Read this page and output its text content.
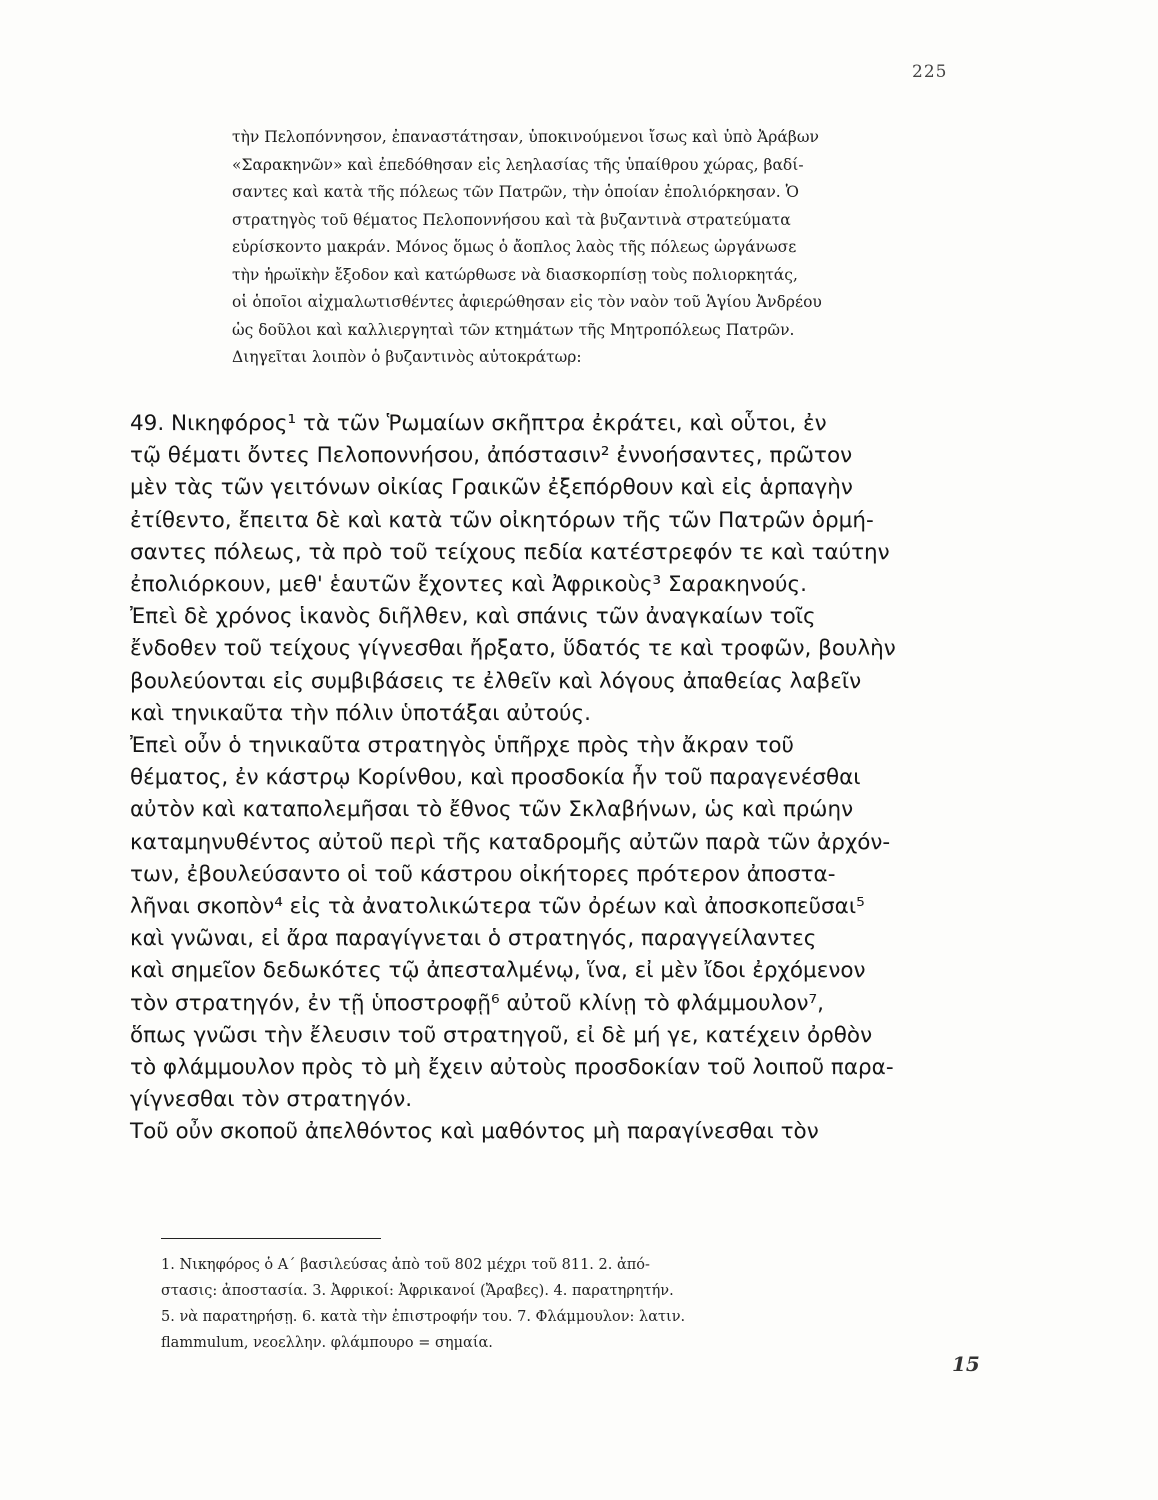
225
τὴν Πελοπόννησον, ἐπαναστάτησαν, ὑποκινούμενοι ἴσως καὶ ὑπὸ Ἀράβων
«Σαρακηνῶν» καὶ ἐπεδόθησαν εἰς λεηλασίας τῆς ὑπαίθρου χώρας, βαδί-
σαντες καὶ κατὰ τῆς πόλεως τῶν Πατρῶν, τὴν ὁποίαν ἐπολιόρκησαν. Ὁ
στρατηγὸς τοῦ θέματος Πελοποννήσου καὶ τὰ βυζαντινὰ στρατεύματα
εὑρίσκοντο μακράν. Μόνος ὅμως ὁ ἄοπλος λαὸς τῆς πόλεως ὠργάνωσε
τὴν ἡρωϊκὴν ἔξοδον καὶ κατώρθωσε νὰ διασκορπίσῃ τοὺς πολιορκητάς,
οἱ ὁποῖοι αἰχμαλωτισθέντες ἀφιερώθησαν εἰς τὸν ναὸν τοῦ Ἁγίου Ἀνδρέου
ὡς δοῦλοι καὶ καλλιεργηταὶ τῶν κτημάτων τῆς Μητροπόλεως Πατρῶν.
Διηγεῖται λοιπὸν ὁ βυζαντινὸς αὐτοκράτωρ:
49. Νικηφόρος¹ τὰ τῶν Ῥωμαίων σκῆπτρα ἐκράτει, καὶ οὗτοι, ἐν
τῷ θέματι ὄντες Πελοποννήσου, ἀπόστασιν² ἐννοήσαντες, πρῶτον
μὲν τὰς τῶν γειτόνων οἰκίας Γραικῶν ἐξεπόρθουν καὶ εἰς ἁρπαγὴν
ἐτίθεντο, ἔπειτα δὲ καὶ κατὰ τῶν οἰκητόρων τῆς τῶν Πατρῶν ὁρμή-
σαντες πόλεως, τὰ πρὸ τοῦ τείχους πεδία κατέστρεφόν τε καὶ ταύτην
ἐπολιόρκουν, μεθ' ἑαυτῶν ἔχοντες καὶ Ἀφρικοὺς³ Σαρακηνούς.
Ἐπεὶ δὲ χρόνος ἱκανὸς διῆλθεν, καὶ σπάνις τῶν ἀναγκαίων τοῖς
ἔνδοθεν τοῦ τείχους γίγνεσθαι ἤρξατο, ὕδατός τε καὶ τροφῶν, βουλὴν
βουλεύονται εἰς συμβιβάσεις τε ἐλθεῖν καὶ λόγους ἀπαθείας λαβεῖν
καὶ τηνικαῦτα τὴν πόλιν ὑποτάξαι αὐτούς.
Ἐπεὶ οὖν ὁ τηνικαῦτα στρατηγὸς ὑπῆρχε πρὸς τὴν ἄκραν τοῦ
θέματος, ἐν κάστρῳ Κορίνθου, καὶ προσδοκία ἦν τοῦ παραγενέσθαι
αὐτὸν καὶ καταπολεμῆσαι τὸ ἔθνος τῶν Σκλαβήνων, ὡς καὶ πρώην
καταμηνυθέντος αὐτοῦ περὶ τῆς καταδρομῆς αὐτῶν παρὰ τῶν ἀρχόν-
των, ἐβουλεύσαντο οἱ τοῦ κάστρου οἰκήτορες πρότερον ἀποστα-
λῆναι σκοπὸν⁴ εἰς τὰ ἀνατολικώτερα τῶν ὀρέων καὶ ἀποσκοπεῦσαι⁵
καὶ γνῶναι, εἰ ἄρα παραγίγνεται ὁ στρατηγός, παραγγείλαντες
καὶ σημεῖον δεδωκότες τῷ ἀπεσταλμένῳ, ἵνα, εἰ μὲν ἴδοι ἐρχόμενον
τὸν στρατηγόν, ἐν τῇ ὑποστροφῇ⁶ αὐτοῦ κλίνῃ τὸ φλάμμουλον⁷,
ὅπως γνῶσι τὴν ἔλευσιν τοῦ στρατηγοῦ, εἰ δὲ μή γε, κατέχειν ὀρθὸν
τὸ φλάμμουλον πρὸς τὸ μὴ ἔχειν αὐτοὺς προσδοκίαν τοῦ λοιποῦ παρα-
γίγνεσθαι τὸν στρατηγόν.
Τοῦ οὖν σκοποῦ ἀπελθόντος καὶ μαθόντος μὴ παραγίνεσθαι τὸν
1. Νικηφόρος ὁ Α΄ βασιλεύσας ἀπὸ τοῦ 802 μέχρι τοῦ 811. 2. ἀπό-
στασις: ἀποστασία. 3. Ἀφρικοί: Ἀφρικανοί (Ἄραβες). 4. παρατηρητήν.
5. νὰ παρατηρήσῃ. 6. κατὰ τὴν ἐπιστροφήν του. 7. Φλάμμουλον: λατιν.
flammulum, νεοελλην. φλάμπουρο = σημαία.
15
